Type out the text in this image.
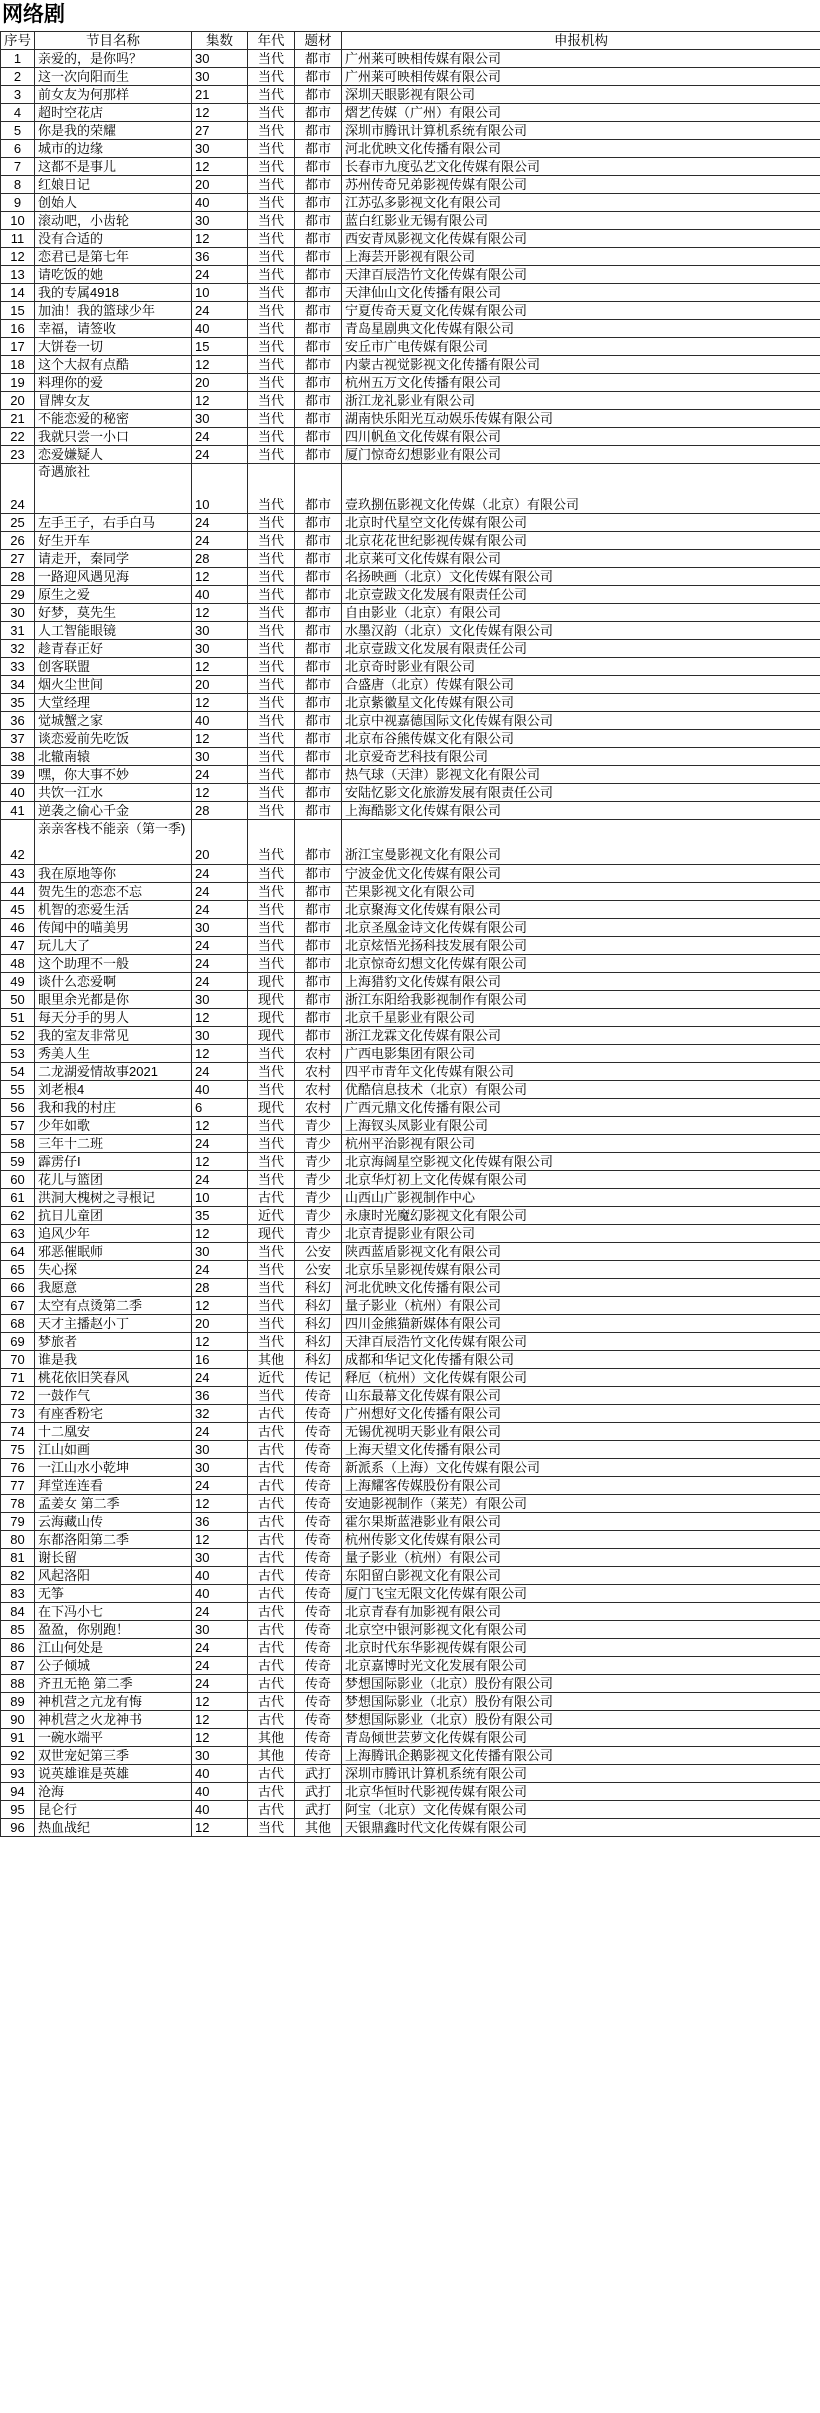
网络剧
序号	节目名称	集数	年代	题材	申报机构
1	亲爱的，是你吗？	30	当代	都市	广州莱可映相传媒有限公司
2	这一次向阳而生	30	当代	都市	广州莱可映相传媒有限公司
3	前女友为何那样	21	当代	都市	深圳天眼影视有限公司
4	超时空花店	12	当代	都市	熠艺传媒（广州）有限公司
5	你是我的荣耀	27	当代	都市	深圳市腾讯计算机系统有限公司
6	城市的边缘	30	当代	都市	河北优映文化传播有限公司
7	这都不是事儿	12	当代	都市	长春市九度弘艺文化传媒有限公司
8	红娘日记	20	当代	都市	苏州传奇兄弟影视传媒有限公司
9	创始人	40	当代	都市	江苏弘多影视文化有限公司
10	滚动吧，小齿轮	30	当代	都市	蓝白红影业无锡有限公司
11	没有合适的	12	当代	都市	西安青凤影视文化传媒有限公司
12	恋君已是第七年	36	当代	都市	上海芸开影视有限公司
13	请吃饭的她	24	当代	都市	天津百辰浩竹文化传媒有限公司
14	我的专属4918	10	当代	都市	天津仙山文化传播有限公司
15	加油！我的篮球少年	24	当代	都市	宁夏传奇天夏文化传媒有限公司
16	幸福，请签收	40	当代	都市	青岛星剧典文化传媒有限公司
17	大饼卷一切	15	当代	都市	安丘市广电传媒有限公司
18	这个大叔有点酷	12	当代	都市	内蒙古视觉影视文化传播有限公司
19	料理你的爱	20	当代	都市	杭州五万文化传播有限公司
20	冒牌女友	12	当代	都市	浙江龙礼影业有限公司
21	不能恋爱的秘密	30	当代	都市	湖南快乐阳光互动娱乐传媒有限公司
22	我就只尝一小口	24	当代	都市	四川帆鱼文化传媒有限公司
23	恋爱嫌疑人	24	当代	都市	厦门惊奇幻想影业有限公司
24	奇遇旅社	10	当代	都市	壹玖捌伍影视文化传媒（北京）有限公司
25	左手王子，右手白马	24	当代	都市	北京时代星空文化传媒有限公司
26	好生开车	24	当代	都市	北京花花世纪影视传媒有限公司
27	请走开，秦同学	28	当代	都市	北京莱可文化传媒有限公司
28	一路迎风遇见海	12	当代	都市	名扬映画（北京）文化传媒有限公司
29	原生之爱	40	当代	都市	北京壹跋文化发展有限责任公司
30	好梦，莫先生	12	当代	都市	自由影业（北京）有限公司
31	人工智能眼镜	30	当代	都市	水墨汉韵（北京）文化传媒有限公司
32	趁青春正好	30	当代	都市	北京壹跋文化发展有限责任公司
33	创客联盟	12	当代	都市	北京奇时影业有限公司
34	烟火尘世间	20	当代	都市	合盛唐（北京）传媒有限公司
35	大堂经理	12	当代	都市	北京紫徽星文化传媒有限公司
36	觉城蟹之家	40	当代	都市	北京中视嘉德国际文化传媒有限公司
37	谈恋爱前先吃饭	12	当代	都市	北京布谷熊传媒文化有限公司
38	北辙南辕	30	当代	都市	北京爱奇艺科技有限公司
39	嘿，你大事不妙	24	当代	都市	热气球（天津）影视文化有限公司
40	共饮一江水	12	当代	都市	安陆忆影文化旅游发展有限责任公司
41	逆袭之偷心千金	28	当代	都市	上海酷影文化传媒有限公司
42	亲亲客栈不能亲（第一季)	20	当代	都市	浙江宝曼影视文化有限公司
43	我在原地等你	24	当代	都市	宁波金优文化传媒有限公司
44	贺先生的恋恋不忘	24	当代	都市	芒果影视文化有限公司
45	机智的恋爱生活	24	当代	都市	北京聚海文化传媒有限公司
46	传闻中的喵美男	30	当代	都市	北京圣凰金诗文化传媒有限公司
47	玩儿大了	24	当代	都市	北京炫悟光扬科技发展有限公司
48	这个助理不一般	24	当代	都市	北京惊奇幻想文化传媒有限公司
49	谈什么恋爱啊	24	现代	都市	上海猎豹文化传媒有限公司
50	眼里余光都是你	30	现代	都市	浙江东阳给我影视制作有限公司
51	每天分手的男人	12	现代	都市	北京千星影业有限公司
52	我的室友非常见	30	现代	都市	浙江龙霖文化传媒有限公司
53	秀美人生	12	当代	农村	广西电影集团有限公司
54	二龙湖爱情故事2021	24	当代	农村	四平市青年文化传媒有限公司
55	刘老根4	40	当代	农村	优酷信息技术（北京）有限公司
56	我和我的村庄	6	现代	农村	广西元鼎文化传播有限公司
57	少年如歌	12	当代	青少	上海钗头凤影业有限公司
58	三年十二班	24	当代	青少	杭州平治影视有限公司
59	霹雳仔I	12	当代	青少	北京海阔星空影视文化传媒有限公司
60	花儿与篮团	24	当代	青少	北京华灯初上文化传媒有限公司
61	洪洞大槐树之寻根记	10	古代	青少	山西山广影视制作中心
62	抗日儿童团	35	近代	青少	永康时光魔幻影视文化有限公司
63	追风少年	12	现代	青少	北京青提影业有限公司
64	邪恶催眠师	30	当代	公安	陕西蓝盾影视文化有限公司
65	失心探	24	当代	公安	北京乐呈影视传媒有限公司
66	我愿意	28	当代	科幻	河北优映文化传播有限公司
67	太空有点烫第二季	12	当代	科幻	量子影业（杭州）有限公司
68	天才主播赵小丁	20	当代	科幻	四川金熊猫新媒体有限公司
69	梦旅者	12	当代	科幻	天津百辰浩竹文化传媒有限公司
70	谁是我	16	其他	科幻	成都和华记文化传播有限公司
71	桃花依旧笑春风	24	近代	传记	释厄（杭州）文化传媒有限公司
72	一鼓作气	36	当代	传奇	山东最幕文化传媒有限公司
73	有座香粉宅	32	古代	传奇	广州想好文化传播有限公司
74	十二凰安	24	古代	传奇	无锡优视明天影业有限公司
75	江山如画	30	古代	传奇	上海天望文化传播有限公司
76	一江山水小乾坤	30	古代	传奇	新派系（上海）文化传媒有限公司
77	拜堂连连看	24	古代	传奇	上海耀客传媒股份有限公司
78	孟姜女 第二季	12	古代	传奇	安迪影视制作（莱芜）有限公司
79	云海藏山传	36	古代	传奇	霍尔果斯蓝港影业有限公司
80	东都洛阳第二季	12	古代	传奇	杭州传影文化传媒有限公司
81	谢长留	30	古代	传奇	量子影业（杭州）有限公司
82	风起洛阳	40	古代	传奇	东阳留白影视文化有限公司
83	无筝	40	古代	传奇	厦门飞宝无限文化传媒有限公司
84	在下冯小七	24	古代	传奇	北京青春有加影视有限公司
85	盈盈，你别跑！	30	古代	传奇	北京空中银河影视文化有限公司
86	江山何处是	24	古代	传奇	北京时代东华影视传媒有限公司
87	公子倾城	24	古代	传奇	北京嘉博时光文化发展有限公司
88	齐丑无艳 第二季	24	古代	传奇	梦想国际影业（北京）股份有限公司
89	神机营之亢龙有悔	12	古代	传奇	梦想国际影业（北京）股份有限公司
90	神机营之火龙神书	12	古代	传奇	梦想国际影业（北京）股份有限公司
91	一碗水端平	12	其他	传奇	青岛倾世芸萝文化传媒有限公司
92	双世宠妃第三季	30	其他	传奇	上海腾讯企鹅影视文化传播有限公司
93	说英雄谁是英雄	40	古代	武打	深圳市腾讯计算机系统有限公司
94	沧海	40	古代	武打	北京华恒时代影视传媒有限公司
95	昆仑行	40	古代	武打	阿宝（北京）文化传媒有限公司
96	热血战纪	12	当代	其他	天银鼎鑫时代文化传媒有限公司
